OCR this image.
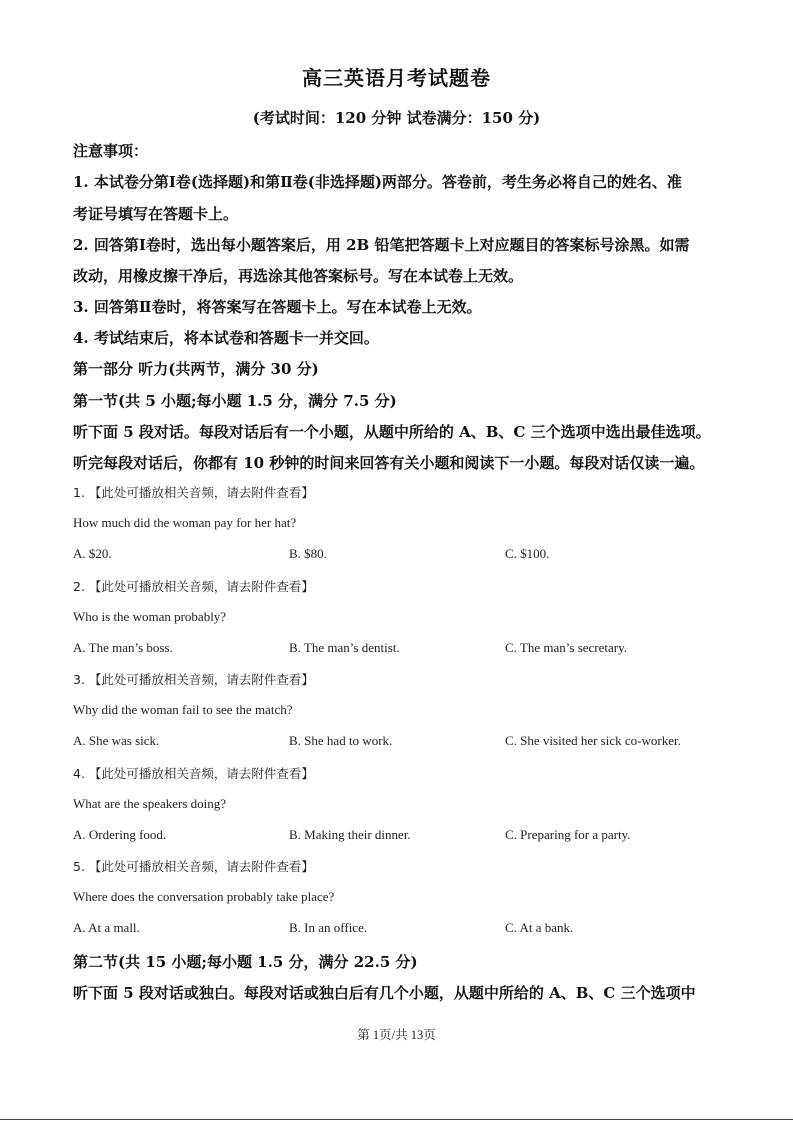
高三英语月考试题卷
(考试时间：120 分钟 试卷满分：150 分)
注意事项：
1. 本试卷分第Ⅰ卷(选择题)和第Ⅱ卷(非选择题)两部分。答卷前，考生务必将自己的姓名、准
考证号填写在答题卡上。
2. 回答第Ⅰ卷时，选出每小题答案后，用 2B 铅笔把答题卡上对应题目的答案标号涂黑。如需
改动，用橡皮擦干净后，再选涂其他答案标号。写在本试卷上无效。
3. 回答第Ⅱ卷时，将答案写在答题卡上。写在本试卷上无效。
4. 考试结束后，将本试卷和答题卡一并交回。
第一部分 听力(共两节，满分 30 分)
第一节(共 5 小题;每小题 1.5 分，满分 7.5 分)
听下面 5 段对话。每段对话后有一个小题，从题中所给的 A、B、C 三个选项中选出最佳选项。
听完每段对话后，你都有 10 秒钟的时间来回答有关小题和阅读下一小题。每段对话仅读一遍。
1. 【此处可播放相关音频，请去附件查看】
How much did the woman pay for her hat?
A. $20.	B. $80.	C. $100.
2. 【此处可播放相关音频，请去附件查看】
Who is the woman probably?
A. The man’s boss.	B. The man’s dentist.	C. The man’s secretary.
3. 【此处可播放相关音频，请去附件查看】
Why did the woman fail to see the match?
A. She was sick.	B. She had to work.	C. She visited her sick co-worker.
4. 【此处可播放相关音频，请去附件查看】
What are the speakers doing?
A. Ordering food.	B. Making their dinner.	C. Preparing for a party.
5. 【此处可播放相关音频，请去附件查看】
Where does the conversation probably take place?
A. At a mall.	B. In an office.	C. At a bank.
第二节(共 15 小题;每小题 1.5 分，满分 22.5 分)
听下面 5 段对话或独白。每段对话或独白后有几个小题，从题中所给的 A、B、C 三个选项中
第 1页/共 13页
